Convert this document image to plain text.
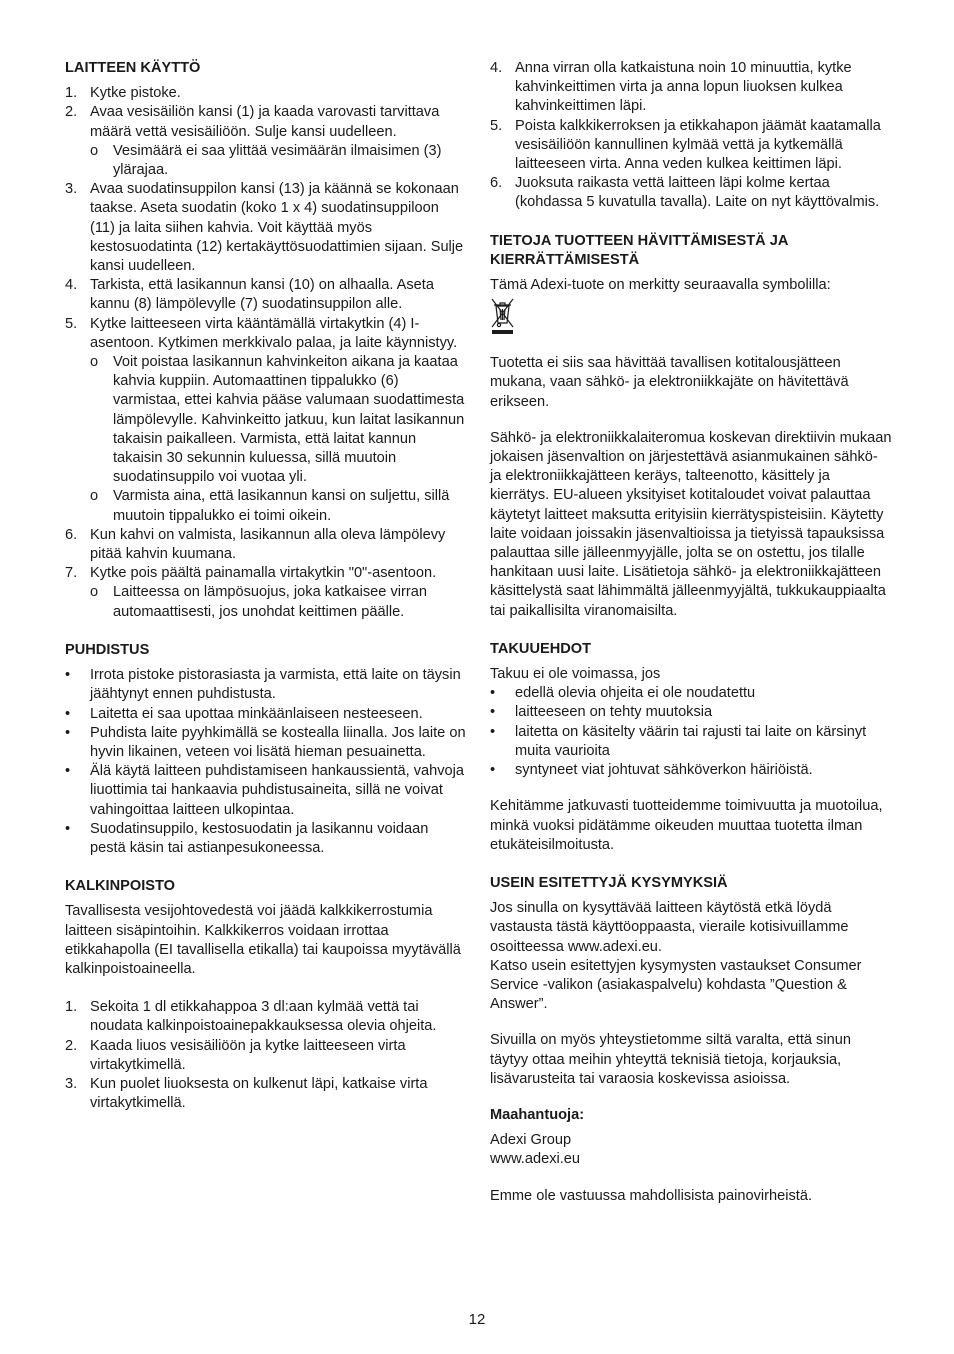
LAITTEEN KÄYTTÖ
1. Kytke pistoke.
2. Avaa vesisäiliön kansi (1) ja kaada varovasti tarvittava määrä vettä vesisäiliöön. Sulje kansi uudelleen.
o Vesimäärä ei saa ylittää vesimäärän ilmaisimen (3) ylärajaa.
3. Avaa suodatinsuppilon kansi (13) ja käännä se kokonaan taakse. Aseta suodatin (koko 1 x 4) suodatinsuppiloon (11) ja laita siihen kahvia. Voit käyttää myös kestosuodatinta (12) kertakäyttösuodattimien sijaan. Sulje kansi uudelleen.
4. Tarkista, että lasikannun kansi (10) on alhaalla. Aseta kannu (8) lämpölevylle (7) suodatinsuppilon alle.
5. Kytke laitteeseen virta kääntämällä virtakytkin (4) I-asentoon. Kytkimen merkkivalo palaa, ja laite käynnistyy.
o Voit poistaa lasikannun kahvinkeiton aikana ja kaataa kahvia kuppiin. Automaattinen tippalukko (6) varmistaa, ettei kahvia pääse valumaan suodattimesta lämpölevylle. Kahvinkeitto jatkuu, kun laitat lasikannun takaisin paikalleen. Varmista, että laitat kannun takaisin 30 sekunnin kuluessa, sillä muutoin suodatinsuppilo voi vuotaa yli.
o Varmista aina, että lasikannun kansi on suljettu, sillä muutoin tippalukko ei toimi oikein.
6. Kun kahvi on valmista, lasikannun alla oleva lämpölevy pitää kahvin kuumana.
7. Kytke pois päältä painamalla virtakytkin "0"-asentoon.
o Laitteessa on lämpösuojus, joka katkaisee virran automaattisesti, jos unohdat keittimen päälle.
PUHDISTUS
• Irrota pistoke pistorasiasta ja varmista, että laite on täysin jäähtynyt ennen puhdistusta.
• Laitetta ei saa upottaa minkäänlaiseen nesteeseen.
• Puhdista laite pyyhkimällä se kostealla liinalla. Jos laite on hyvin likainen, veteen voi lisätä hieman pesuainetta.
• Älä käytä laitteen puhdistamiseen hankaussientä, vahvoja liuottimia tai hankaavia puhdistusaineita, sillä ne voivat vahingoittaa laitteen ulkopintaa.
• Suodatinsuppilo, kestosuodatin ja lasikannu voidaan pestä käsin tai astianpesukoneessa.
KALKINPOISTO

Tavallisesta vesijohtovedestä voi jäädä kalkkikerrostumia laitteen sisäpintoihin. Kalkkikerros voidaan irrottaa etikkahapolla (EI tavallisella etikalla) tai kaupoissa myytävällä kalkinpoistoaineella.

1. Sekoita 1 dl etikkahappoa 3 dl:aan kylmää vettä tai noudata kalkinpoistoainepakkauksessa olevia ohjeita.
2. Kaada liuos vesisäiliöön ja kytke laitteeseen virta virtakytkimellä.
3. Kun puolet liuoksesta on kulkenut läpi, katkaise virta virtakytkimellä.
4. Anna virran olla katkaistuna noin 10 minuuttia, kytke kahvinkeittimen virta ja anna lopun liuoksen kulkea kahvinkeittimen läpi.
5. Poista kalkkikerroksen ja etikkahapon jäämät kaatamalla vesisäiliöön kannullinen kylmää vettä ja kytkemällä laitteeseen virta. Anna veden kulkea keittimen läpi.
6. Juoksuta raikasta vettä laitteen läpi kolme kertaa (kohdassa 5 kuvatulla tavalla). Laite on nyt käyttövalmis.
TIETOJA TUOTTEEN HÄVITTÄMISESTÄ JA KIERRÄTTÄMISESTÄ

Tämä Adexi-tuote on merkitty seuraavalla symbolilla:

Tuotetta ei siis saa hävittää tavallisen kotitalousjätteen mukana, vaan sähkö- ja elektroniikkajäte on hävitettävä erikseen.

Sähkö- ja elektroniikkalaiteromua koskevan direktiivin mukaan jokaisen jäsenvaltion on järjestettävä asianmukainen sähkö- ja elektroniikkajätteen keräys, talteenotto, käsittely ja kierrätys. EU-alueen yksityiset kotitaloudet voivat palauttaa käytetyt laitteet maksutta erityisiin kierrätyspisteisiin. Käytetty laite voidaan joissakin jäsenvaltioissa ja tietyissä tapauksissa palauttaa sille jälleenmyyjälle, jolta se on ostettu, jos tilalle hankitaan uusi laite. Lisätietoja sähkö- ja elektroniikkajätteen käsittelystä saat lähimmältä jälleenmyyjältä, tukkukauppiaalta tai paikallisilta viranomaisilta.

TAKUUEHDOT

Takuu ei ole voimassa, jos

• edellä olevia ohjeita ei ole noudatettu
• laitteeseen on tehty muutoksia
• laitetta on käsitelty väärin tai rajusti tai laite on kärsinyt muita vaurioita
• syntyneet viat johtuvat sähköverkon häiriöistä.

Kehitämme jatkuvasti tuotteidemme toimivuutta ja muotoilua, minkä vuoksi pidätämme oikeuden muuttaa tuotetta ilman etukäteisilmoitusta.

USEIN ESITETTYJÄ KYSYMYKSIÄ

Jos sinulla on kysyttävää laitteen käytöstä etkä löydä vastausta tästä käyttöoppaasta, vieraile kotisivuillamme osoitteessa www.adexi.eu.

Katso usein esitettyjen kysymysten vastaukset Consumer Service -valikon (asiakaspalvelu) kohdasta ”Question & Answer”.

Sivuilla on myös yhteystietomme siltä varalta, että sinun täytyy ottaa meihin yhteyttä teknisiä tietoja, korjauksia, lisävarusteita tai varaosia koskevissa asioissa.

Maahantuoja:

Adexi Group

www.adexi.eu

Emme ole vastuussa mahdollisista painovirheistä.

12
